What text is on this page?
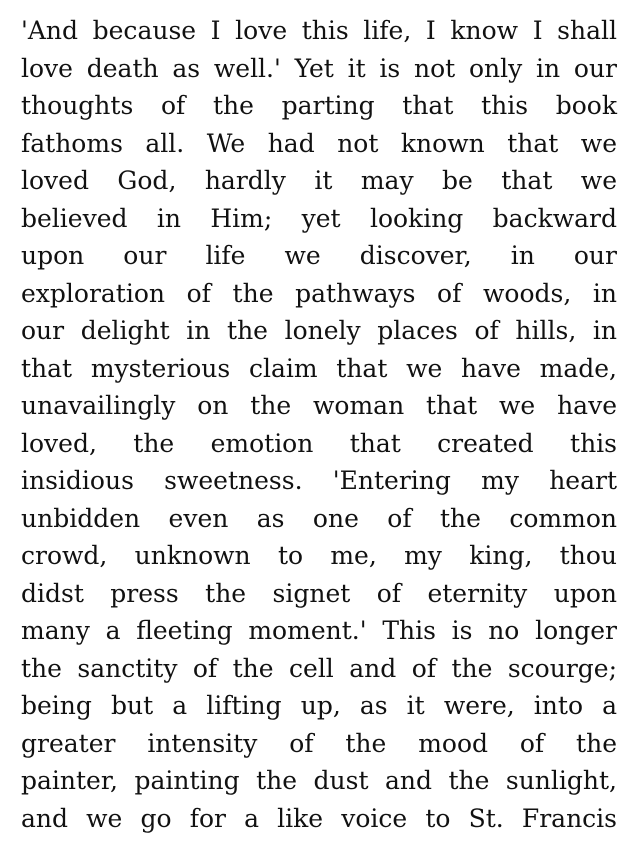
'And because I love this life, I know I shall
love death as well.' Yet it is not only in our
thoughts of the parting that this book
fathoms all. We had not known that we
loved God, hardly it may be that we
believed in Him; yet looking backward
upon our life we discover, in our
exploration of the pathways of woods, in
our delight in the lonely places of hills, in
that mysterious claim that we have made,
unavailingly on the woman that we have
loved, the emotion that created this
insidious sweetness. 'Entering my heart
unbidden even as one of the common
crowd, unknown to me, my king, thou
didst press the signet of eternity upon
many a fleeting moment.' This is no longer
the sanctity of the cell and of the scourge;
being but a lifting up, as it were, into a
greater intensity of the mood of the
painter, painting the dust and the sunlight,
and we go for a like voice to St. Francis
